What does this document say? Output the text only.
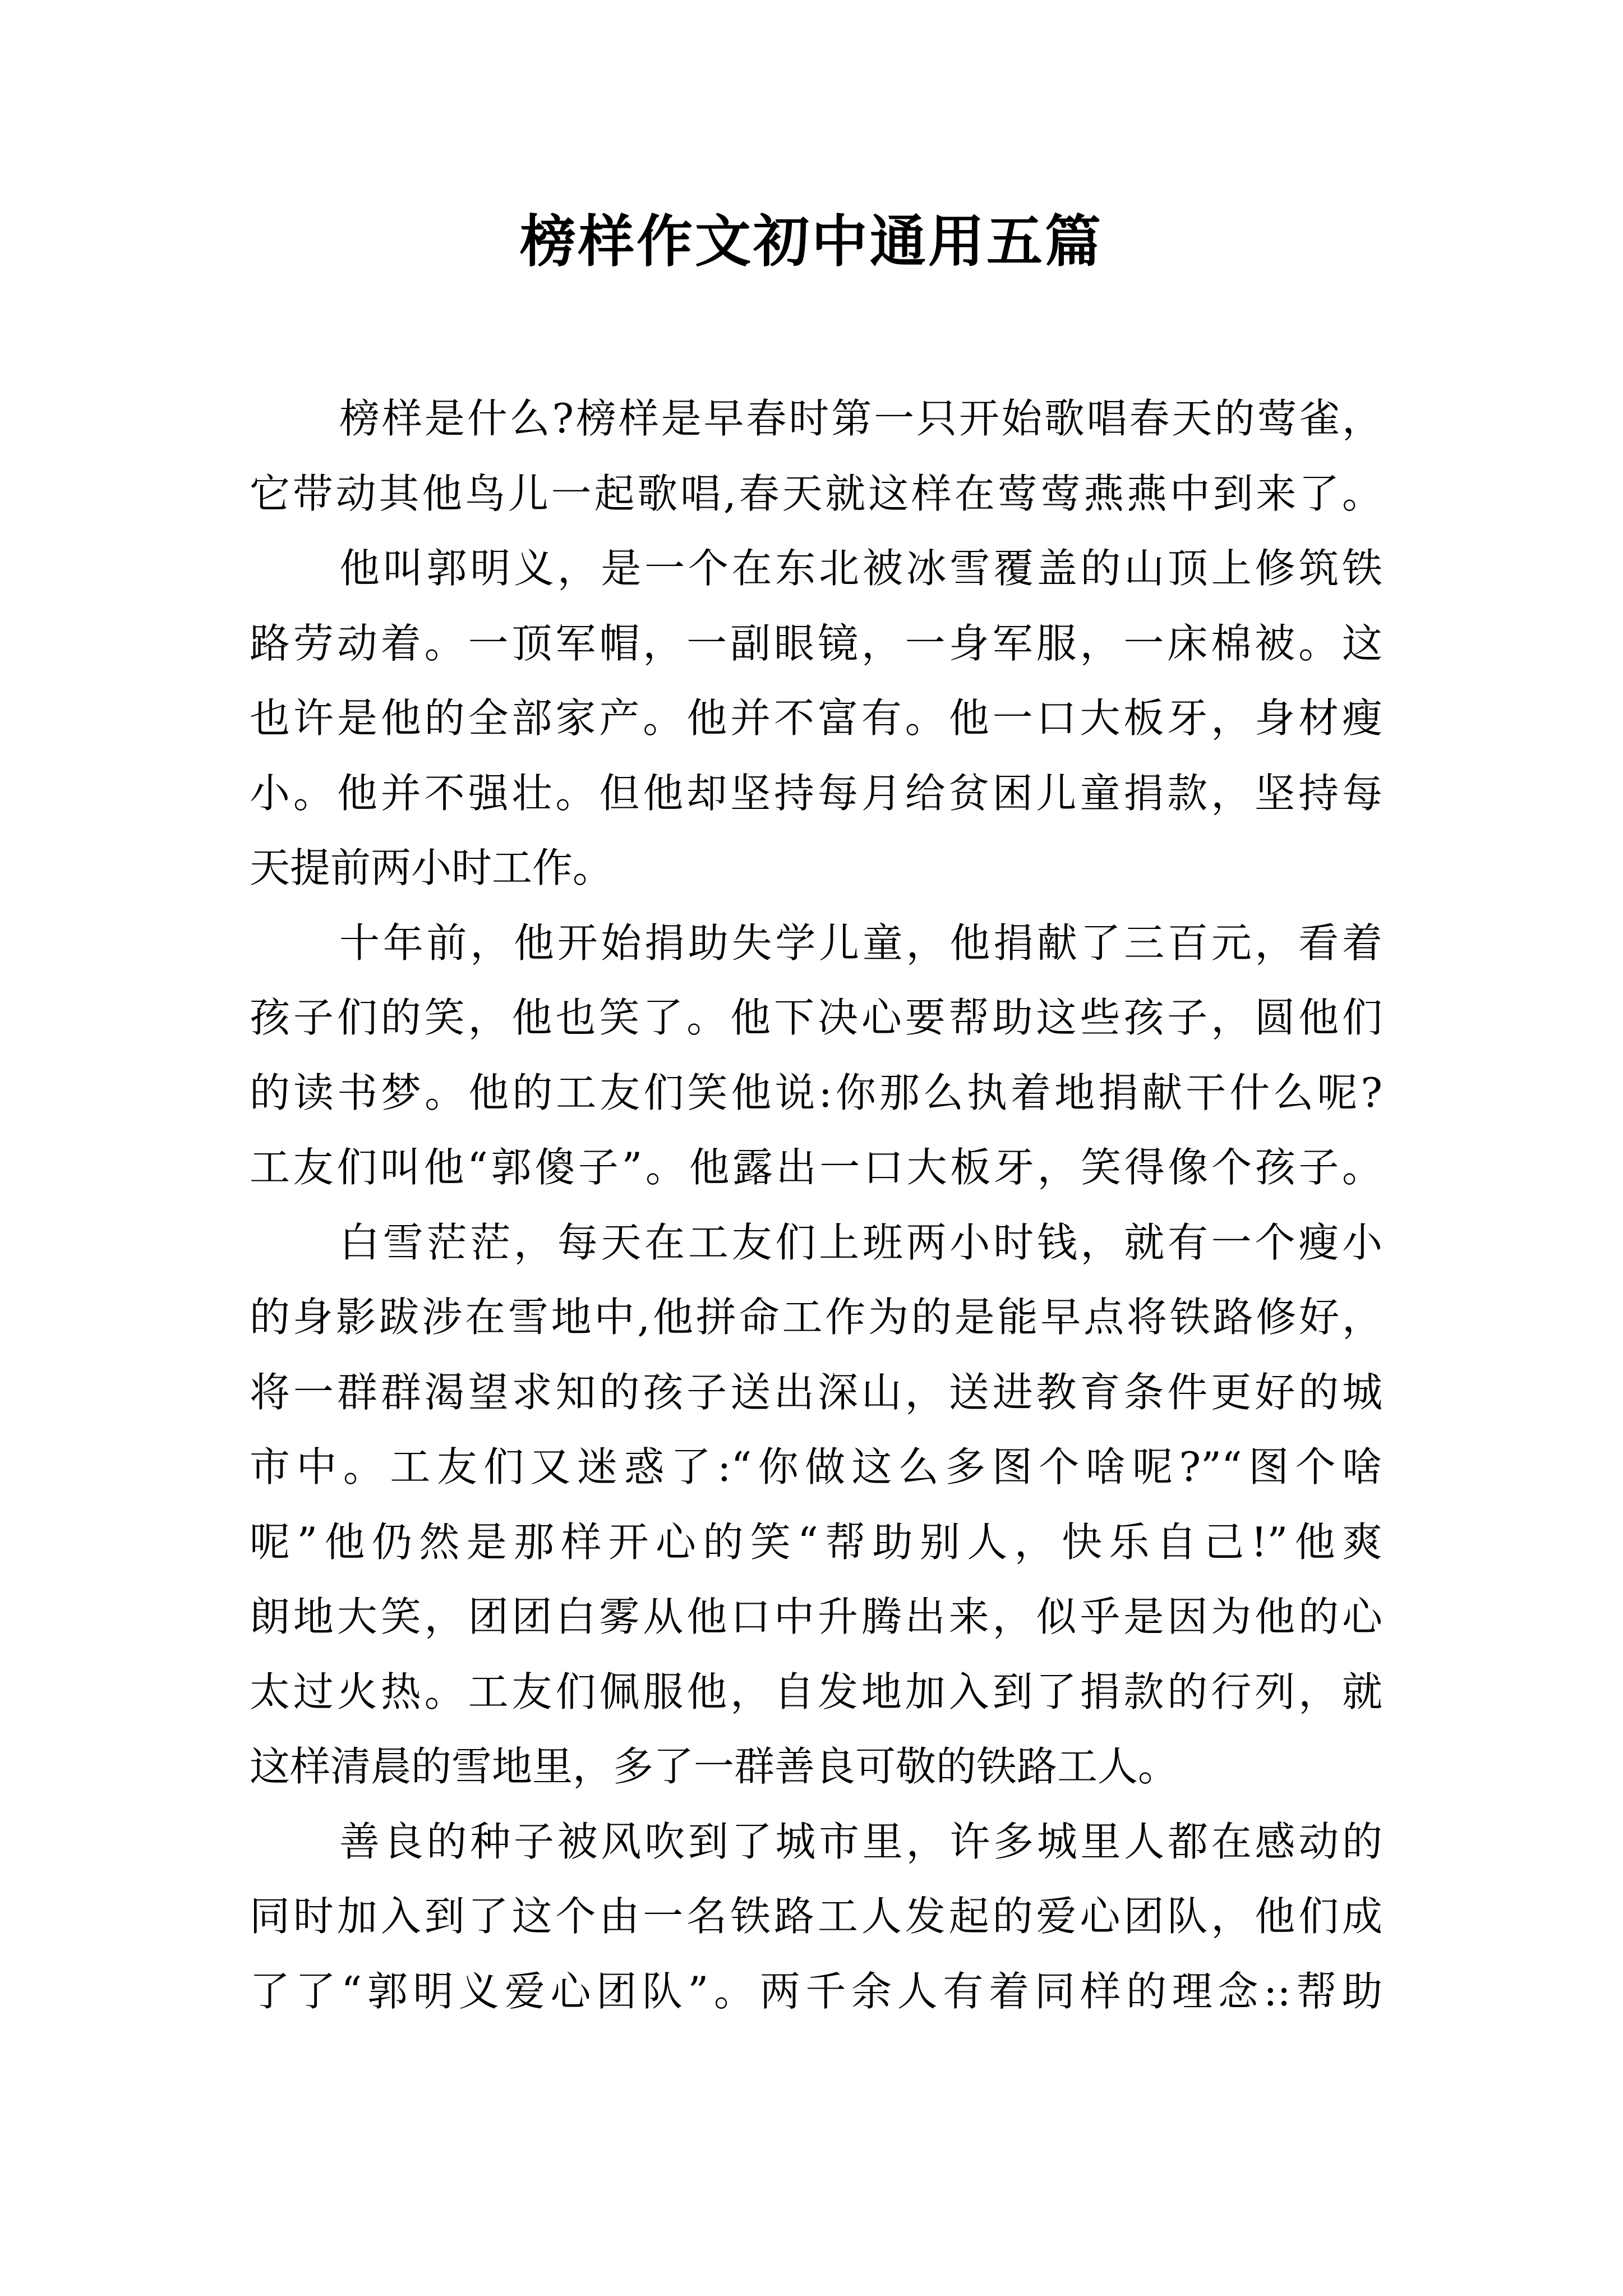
榜样作文初中通用五篇
榜样是什么?榜样是早春时第一只开始歌唱春天的莺雀，
它带动其他鸟儿一起歌唱,春天就这样在莺莺燕燕中到来了。
他叫郭明义，是一个在东北被冰雪覆盖的山顶上修筑铁
路劳动着。一顶军帽，一副眼镜，一身军服，一床棉被。这
也许是他的全部家产。他并不富有。他一口大板牙，身材瘦
小。他并不强壮。但他却坚持每月给贫困儿童捐款，坚持每
天提前两小时工作。
十年前，他开始捐助失学儿童，他捐献了三百元，看着
孩子们的笑，他也笑了。他下决心要帮助这些孩子，圆他们
的读书梦。他的工友们笑他说:你那么执着地捐献干什么呢?
工友们叫他“郭傻子”。他露出一口大板牙，笑得像个孩子。
白雪茫茫，每天在工友们上班两小时钱，就有一个瘦小
的身影跋涉在雪地中,他拼命工作为的是能早点将铁路修好，
将一群群渴望求知的孩子送出深山，送进教育条件更好的城
市中。工友们又迷惑了:“你做这么多图个啥呢?”“图个啥
呢”他仍然是那样开心的笑“帮助别人，快乐自己!”他爽
朗地大笑，团团白雾从他口中升腾出来，似乎是因为他的心
太过火热。工友们佩服他，自发地加入到了捐款的行列，就
这样清晨的雪地里，多了一群善良可敬的铁路工人。
善良的种子被风吹到了城市里，许多城里人都在感动的
同时加入到了这个由一名铁路工人发起的爱心团队，他们成
了了“郭明义爱心团队”。两千余人有着同样的理念::帮助
